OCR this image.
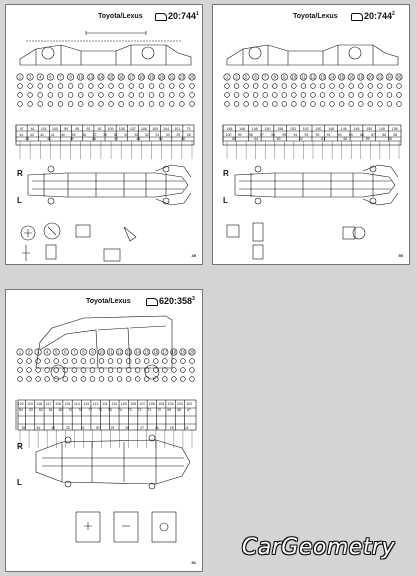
Toyota/Lexus	$20:744^1$
R
L
49
1 3 4 6 7 8 10 13 14 15 16 17 18 19 20 21 23 25
97 61 101 100 99 95 93 92 109 108 107 106 105 104 101 73
44 43 42 41 40 39 38 37 36 35 34 33 32 31 30 29 28
45	50	49	48	47	46	45	44
Toyota/Lexus	$20:744^2$
R
L
50
1 2 5 6 7 8 9 10 11 12 13 14 15 16 19 20 22 24 26
148 146 145 150 158 153 152 150 148 146 145 150 140 138
100 99 98 97 96 95 94 93 92 91 90 89 88 87 86 85
65	64	63	62	61	60	59	58
Toyota/Lexus	$620:358^3$
R
L
51
1 2 3 4 5 6 7 8 9 10 11 12 13 14 15 16 17 18 19 20
120 119 118 117 116 115 114 113 112 111 110 109 108 107 106 105 104 103 102
84 83 82 81 80 79 78 77 76 75 74 73 72 71 70 69 68 67
35	34	33	32	31	30	29	28	27	26	25	24
CarGeometry
